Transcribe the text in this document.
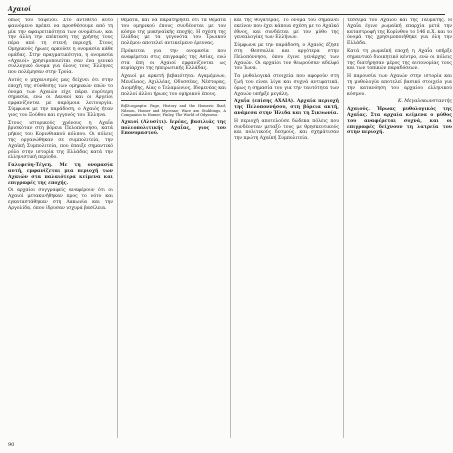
Αχαιοί

όπως του ταψείου. Στο αντίθετο αυτό φαινόμενο πρέπει να προσθέσουμε από τη μία την αφαιρετικότητα των ονομάτων, και την άλλη την επέκταση της χρήσης τους πέρα από τη στενή περιοχή. Στους Ομηρικούς ήρωες αρκούσε η ονομασία κάθε ομάδας. Στην πραγματικότητα, η ονομασία «Αχαιοί» χρησιμοποιείται σαν ένα γενικό συλλογικό όνομα για όλους τους Έλληνες που πολέμησαν στην Τροία.

Αυτός ο μηχανισμός μας δείχνει ότι στην εποχή της σύνθεσης των ομηρικών επών το όνομα των Αχαιών είχε πάρει ευρύτερη σημασία, ενώ οι Δαναοί και οι Αργείοι εμφανίζονται με παρόμοια λειτουργία. Σύμφωνα με την παράδοση, ο Αχαιός ήταν γιος του Ξούθου και εγγονός του Έλληνα.

Στους ιστορικούς χρόνους η Αχαΐα βρισκόταν στη βόρεια Πελοπόννησο, κατά μήκος του Κορινθιακού κόλπου. Οι πόλεις της οργανώθηκαν σε συμπολιτεία, την Αχαϊκή Συμπολιτεία, που έπαιξε σημαντικό ρόλο στην ιστορία της Ελλάδας κατά την ελληνιστική περίοδο.

Γαλιφεύη-Τέγεη. Με τη ονομασία αυτή, εμφανίζεται μια περιοχή των Αχαιών στα παλαιότερα κείμενα και επιγραφές της εποχής.

Οι αρχαίοι συγγραφείς αναφέρουν ότι οι Αχαιοί μετακινήθηκαν προς το νότο και εγκαταστάθηκαν στη Λακωνία και την Αργολίδα, όπου ίδρυσαν ισχυρά βασίλεια.

θέματα, και να παρατηρήσει ότι τα θέματα του ομηρικού έπους συνδέονται με τον κόσμο της μυκηναϊκής εποχής. Η σχέση της Ιλιάδας με τα γεγονότα του Τρωικού πολέμου αποτελεί αντικείμενο έρευνας.

Πρόκειται για την ονομασία που αναφέρεται στις επιγραφές της Ασίας, ενώ στα έπη οι Αχαιοί εμφανίζονται ως κυρίαρχοι της ηπειρωτικής Ελλάδας.

Αχαιοί με αρκετή βεβαιότητα: Αγαμέμνων, Μενέλαος, Αχιλλέας, Οδυσσέας, Νέστορας, Διομήδης, Αίας ο Τελαμώνιος, Ιδομενέας και πολλοί άλλοι ήρωες του ομηρικού έπους.

Βιβλιογραφία: Page, History and the Homeric Iliad; Nilsson, Homer and Mycenae; Wace και Stubbings, A Companion to Homer; Finley, The World of Odysseus.

Αχαιοί (Αλυσίτι). Ιερέας, βασιλιάς της πολεοπολιτικής Αχαΐας, γιος του Επονυμαστού.

και της θυγατέρας. Το όνομά του σημαίνει εκείνον που έχει κάποια σχέση με το Αχαϊκό έθνος, και συνδέεται με τον μύθο της γενεαλογίας των Ελλήνων.

Σύμφωνα με την παράδοση, ο Αχαιός έζησε στη Θεσσαλία και αργότερα στην Πελοπόννησο, όπου έγινε γενάρχης των Αχαιών. Οι αρχαίοι τον θεωρούσαν αδελφό του Ίωνα.

Τα μυθολογικά στοιχεία που αφορούν στη ζωή του είναι λίγα και συχνά αντιφατικά, όμως η σημασία του για την ταυτότητα των Αχαιών υπήρξε μεγάλη.

Αχαΐα (επίσης ΑΧΑΙΑ). Αρχαία περιοχή της Πελοποννήσου, στη βόρεια ακτή, ανάμεσα στην Ήλιδα και τη Σικυωνία.

Η περιοχή αποτελούσε δώδεκα πόλεις που συνδέονταν μεταξύ τους με θρησκευτικούς και πολιτικούς δεσμούς, και σχημάτισαν την πρώτη Αχαϊκή Συμπολιτεία.

τέσσερα του Αχαιού και της Ταυμάτης. Η Αχαΐα έγινε ρωμαϊκή επαρχία μετά την καταστροφή της Κορίνθου το 146 π.Χ. και το όνομά της χρησιμοποιήθηκε για όλη την Ελλάδα.

Κατά τη ρωμαϊκή εποχή η Αχαΐα υπήρξε σημαντικό διοικητικό κέντρο, ενώ οι πόλεις της διατήρησαν μέρος της αυτονομίας τους και των τοπικών παραδόσεων.

Η παρουσία των Αχαιών στην ιστορία και τη μυθολογία αποτελεί βασικό στοιχείο για την κατανόηση του αρχαίου ελληνικού κόσμου.

Κ. Μεγαλοκωνσταντής

Αχαιούς. Ήρωας μυθολογικός της Αχαΐας. Στα αρχαία κείμενα ο μύθος του αναφέρεται συχνά, και οι επιγραφές δείχνουν τη λατρεία του στην περιοχή.

90
